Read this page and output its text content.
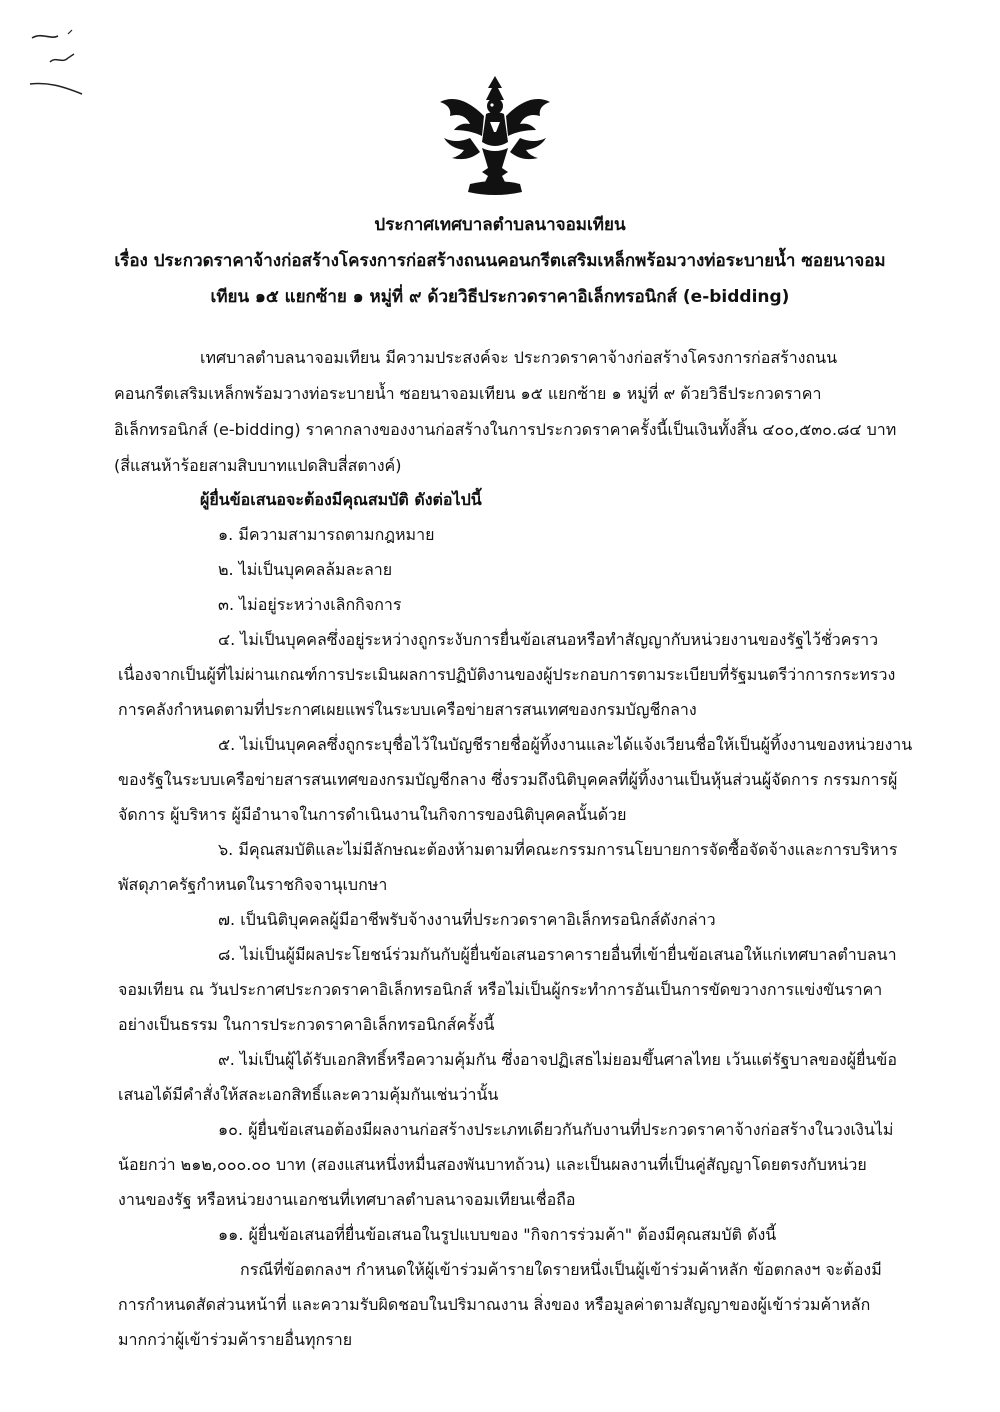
ประกาศเทศบาลตำบลนาจอมเทียน
เรื่อง ประกวดราคาจ้างก่อสร้างโครงการก่อสร้างถนนคอนกรีตเสริมเหล็กพร้อมวางท่อระบายน้ำ ซอยนาจอม
เทียน ๑๕ แยกซ้าย ๑ หมู่ที่ ๙ ด้วยวิธีประกวดราคาอิเล็กทรอนิกส์ (e-bidding)
เทศบาลตำบลนาจอมเทียน มีความประสงค์จะ ประกวดราคาจ้างก่อสร้างโครงการก่อสร้างถนน
คอนกรีตเสริมเหล็กพร้อมวางท่อระบายน้ำ ซอยนาจอมเทียน ๑๕ แยกซ้าย ๑ หมู่ที่ ๙ ด้วยวิธีประกวดราคา
อิเล็กทรอนิกส์ (e-bidding) ราคากลางของงานก่อสร้างในการประกวดราคาครั้งนี้เป็นเงินทั้งสิ้น ๔๐๐,๕๓๐.๘๔ บาท
(สี่แสนห้าร้อยสามสิบบาทแปดสิบสี่สตางค์)
ผู้ยื่นข้อเสนอจะต้องมีคุณสมบัติ ดังต่อไปนี้
๑. มีความสามารถตามกฎหมาย
๒. ไม่เป็นบุคคลล้มละลาย
๓. ไม่อยู่ระหว่างเลิกกิจการ
๔. ไม่เป็นบุคคลซึ่งอยู่ระหว่างถูกระงับการยื่นข้อเสนอหรือทำสัญญากับหน่วยงานของรัฐไว้ชั่วคราว
เนื่องจากเป็นผู้ที่ไม่ผ่านเกณฑ์การประเมินผลการปฏิบัติงานของผู้ประกอบการตามระเบียบที่รัฐมนตรีว่าการกระทรวง
การคลังกำหนดตามที่ประกาศเผยแพร่ในระบบเครือข่ายสารสนเทศของกรมบัญชีกลาง
๕. ไม่เป็นบุคคลซึ่งถูกระบุชื่อไว้ในบัญชีรายชื่อผู้ทิ้งงานและได้แจ้งเวียนชื่อให้เป็นผู้ทิ้งงานของหน่วยงาน
ของรัฐในระบบเครือข่ายสารสนเทศของกรมบัญชีกลาง ซึ่งรวมถึงนิติบุคคลที่ผู้ทิ้งงานเป็นหุ้นส่วนผู้จัดการ กรรมการผู้
จัดการ ผู้บริหาร ผู้มีอำนาจในการดำเนินงานในกิจการของนิติบุคคลนั้นด้วย
๖. มีคุณสมบัติและไม่มีลักษณะต้องห้ามตามที่คณะกรรมการนโยบายการจัดซื้อจัดจ้างและการบริหาร
พัสดุภาครัฐกำหนดในราชกิจจานุเบกษา
๗. เป็นนิติบุคคลผู้มีอาชีพรับจ้างงานที่ประกวดราคาอิเล็กทรอนิกส์ดังกล่าว
๘. ไม่เป็นผู้มีผลประโยชน์ร่วมกันกับผู้ยื่นข้อเสนอราคารายอื่นที่เข้ายื่นข้อเสนอให้แก่เทศบาลตำบลนา
จอมเทียน ณ วันประกาศประกวดราคาอิเล็กทรอนิกส์ หรือไม่เป็นผู้กระทำการอันเป็นการขัดขวางการแข่งขันราคา
อย่างเป็นธรรม ในการประกวดราคาอิเล็กทรอนิกส์ครั้งนี้
๙. ไม่เป็นผู้ได้รับเอกสิทธิ์หรือความคุ้มกัน ซึ่งอาจปฏิเสธไม่ยอมขึ้นศาลไทย เว้นแต่รัฐบาลของผู้ยื่นข้อ
เสนอได้มีคำสั่งให้สละเอกสิทธิ์และความคุ้มกันเช่นว่านั้น
๑๐. ผู้ยื่นข้อเสนอต้องมีผลงานก่อสร้างประเภทเดียวกันกับงานที่ประกวดราคาจ้างก่อสร้างในวงเงินไม่
น้อยกว่า ๒๑๒,๐๐๐.๐๐ บาท (สองแสนหนึ่งหมื่นสองพันบาทถ้วน) และเป็นผลงานที่เป็นคู่สัญญาโดยตรงกับหน่วย
งานของรัฐ หรือหน่วยงานเอกชนที่เทศบาลตำบลนาจอมเทียนเชื่อถือ
๑๑. ผู้ยื่นข้อเสนอที่ยื่นข้อเสนอในรูปแบบของ "กิจการร่วมค้า" ต้องมีคุณสมบัติ ดังนี้
กรณีที่ข้อตกลงฯ กำหนดให้ผู้เข้าร่วมค้ารายใดรายหนึ่งเป็นผู้เข้าร่วมค้าหลัก ข้อตกลงฯ จะต้องมี
การกำหนดสัดส่วนหน้าที่ และความรับผิดชอบในปริมาณงาน สิ่งของ หรือมูลค่าตามสัญญาของผู้เข้าร่วมค้าหลัก
มากกว่าผู้เข้าร่วมค้ารายอื่นทุกราย
